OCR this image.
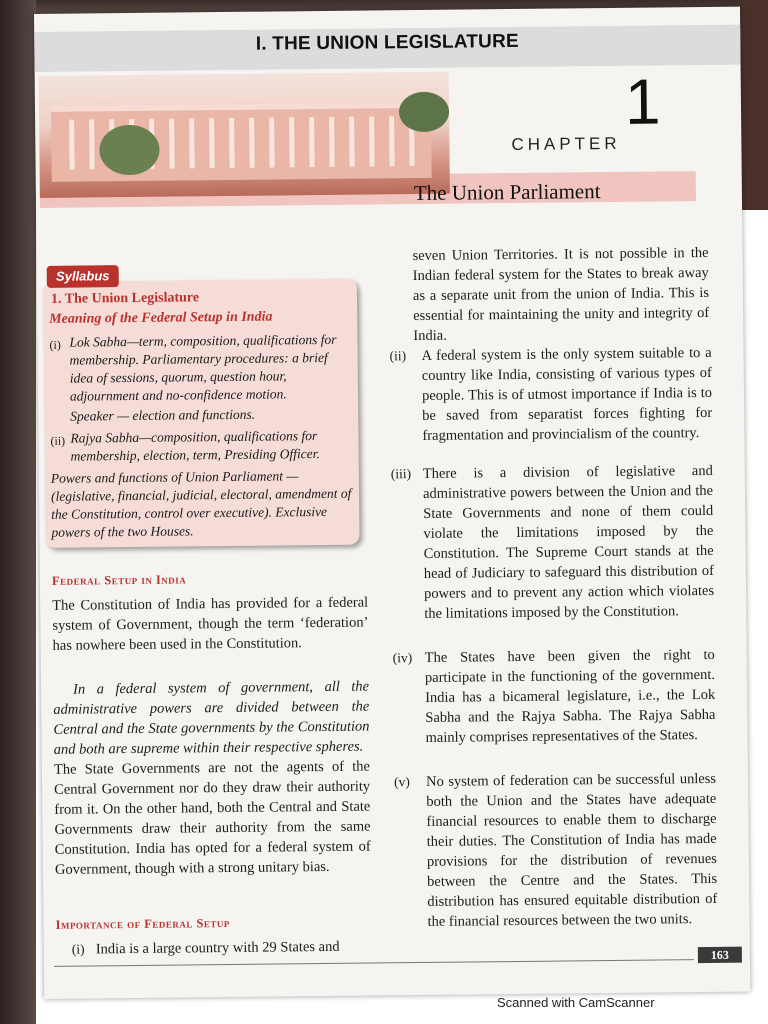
I. THE UNION LEGISLATURE
CHAPTER
1
The Union Parliament
Syllabus
1. The Union Legislature
Meaning of the Federal Setup in India
(i) Lok Sabha—term, composition, qualifications for membership. Parliamentary procedures: a brief idea of sessions, quorum, question hour, adjournment and no-confidence motion.
Speaker — election and functions.
(ii) Rajya Sabha—composition, qualifications for membership, election, term, Presiding Officer.
Powers and functions of Union Parliament — (legislative, financial, judicial, electoral, amendment of the Constitution, control over executive). Exclusive powers of the two Houses.
Federal Setup in India
The Constitution of India has provided for a federal system of Government, though the term ‘federation’ has nowhere been used in the Constitution.
In a federal system of government, all the administrative powers are divided between the Central and the State governments by the Constitution and both are supreme within their respective spheres.
The State Governments are not the agents of the Central Government nor do they draw their authority from it. On the other hand, both the Central and State Governments draw their authority from the same Constitution. India has opted for a federal system of Government, though with a strong unitary bias.
Importance of Federal Setup
(i) India is a large country with 29 States and
seven Union Territories. It is not possible in the Indian federal system for the States to break away as a separate unit from the union of India. This is essential for maintaining the unity and integrity of India.
(ii) A federal system is the only system suitable to a country like India, consisting of various types of people. This is of utmost importance if India is to be saved from separatist forces fighting for fragmentation and provincialism of the country.
(iii) There is a division of legislative and administrative powers between the Union and the State Governments and none of them could violate the limitations imposed by the Constitution. The Supreme Court stands at the head of Judiciary to safeguard this distribution of powers and to prevent any action which violates the limitations imposed by the Constitution.
(iv) The States have been given the right to participate in the functioning of the government. India has a bicameral legislature, i.e., the Lok Sabha and the Rajya Sabha. The Rajya Sabha mainly comprises representatives of the States.
(v) No system of federation can be successful unless both the Union and the States have adequate financial resources to enable them to discharge their duties. The Constitution of India has made provisions for the distribution of revenues between the Centre and the States. This distribution has ensured equitable distribution of the financial resources between the two units.
163
Scanned with CamScanner
